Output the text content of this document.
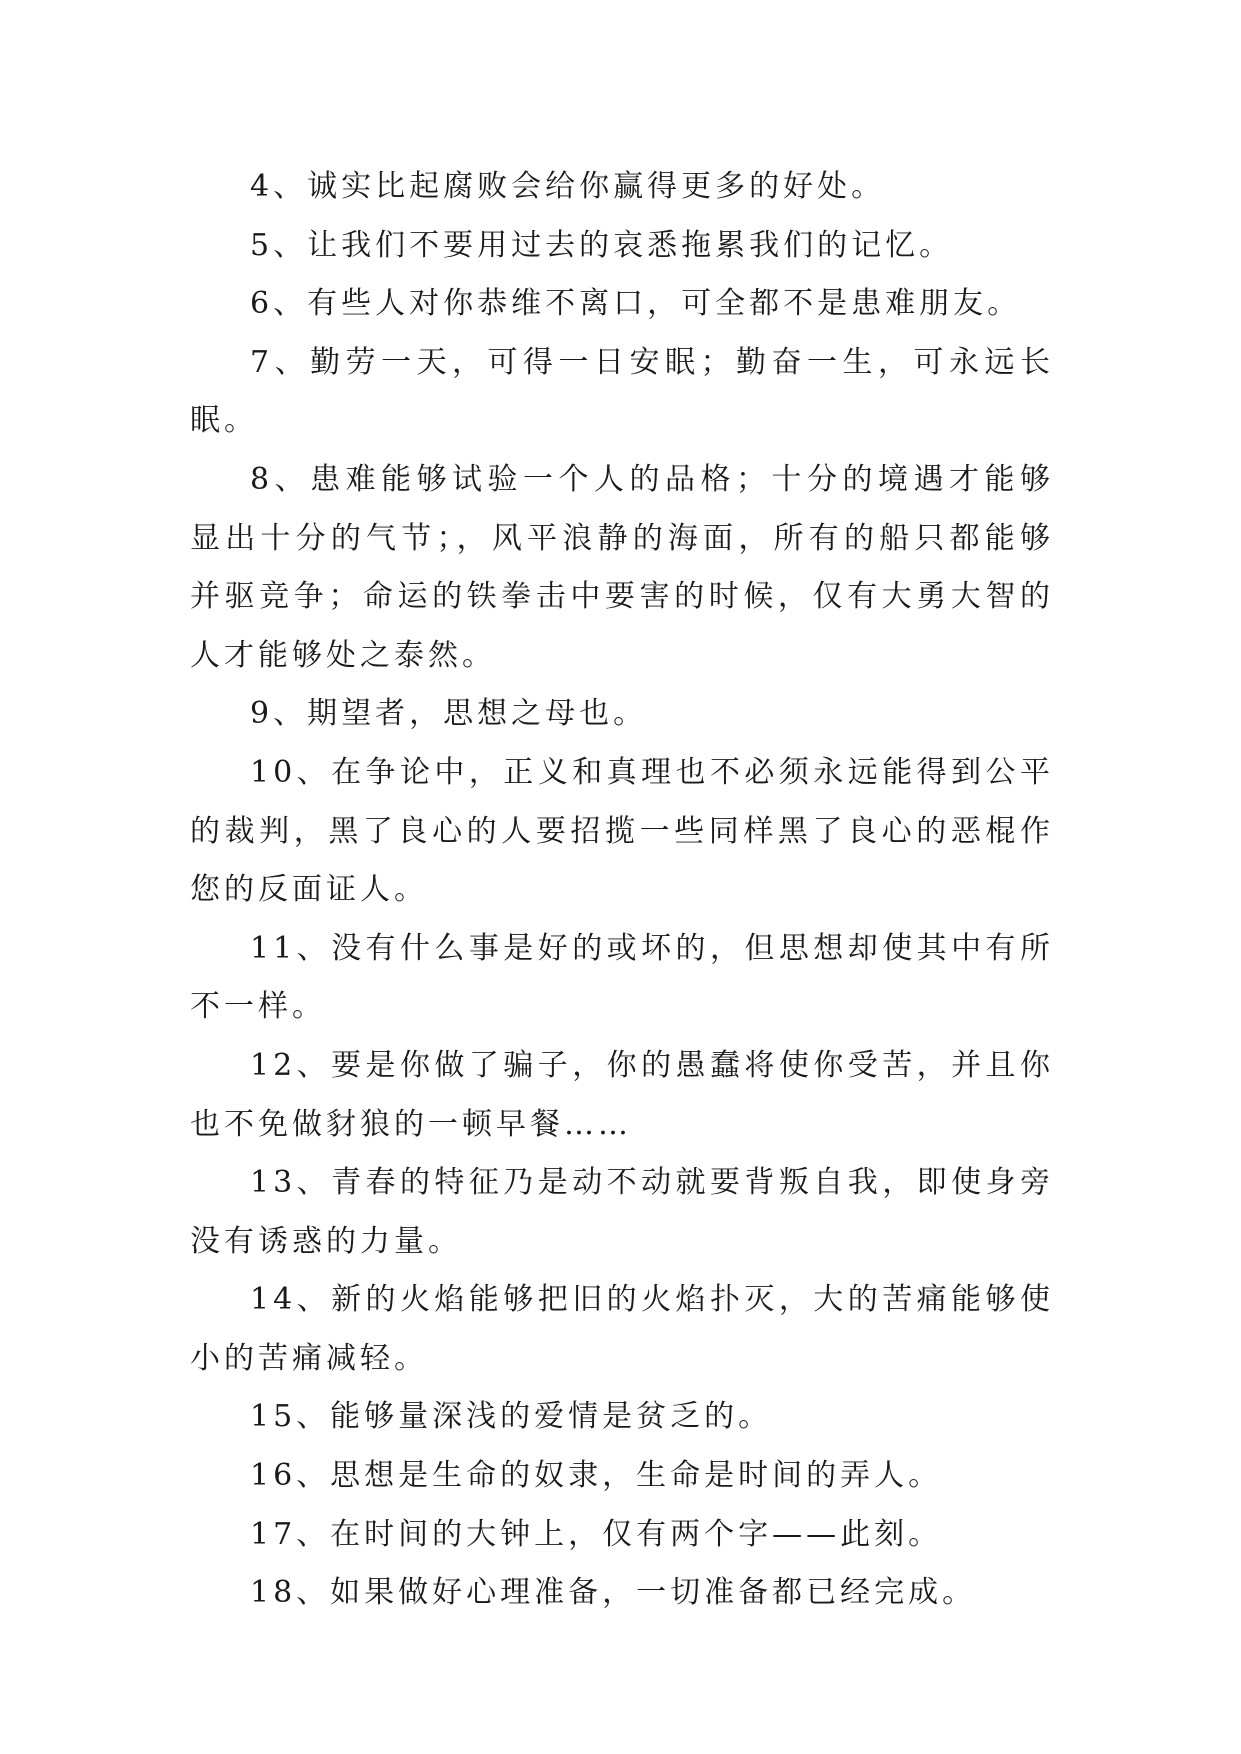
4、诚实比起腐败会给你赢得更多的好处。

5、让我们不要用过去的哀悉拖累我们的记忆。

6、有些人对你恭维不离口，可全都不是患难朋友。

7、勤劳一天，可得一日安眠；勤奋一生，可永远长眠。

8、患难能够试验一个人的品格；十分的境遇才能够显出十分的气节；，风平浪静的海面，所有的船只都能够并驱竞争；命运的铁拳击中要害的时候，仅有大勇大智的人才能够处之泰然。

9、期望者，思想之母也。

10、在争论中，正义和真理也不必须永远能得到公平的裁判，黑了良心的人要招揽一些同样黑了良心的恶棍作您的反面证人。

11、没有什么事是好的或坏的，但思想却使其中有所不一样。

12、要是你做了骗子，你的愚蠢将使你受苦，并且你也不免做豺狼的一顿早餐……

13、青春的特征乃是动不动就要背叛自我，即使身旁没有诱惑的力量。

14、新的火焰能够把旧的火焰扑灭，大的苦痛能够使小的苦痛减轻。

15、能够量深浅的爱情是贫乏的。

16、思想是生命的奴隶，生命是时间的弄人。

17、在时间的大钟上，仅有两个字——此刻。

18、如果做好心理准备，一切准备都已经完成。
